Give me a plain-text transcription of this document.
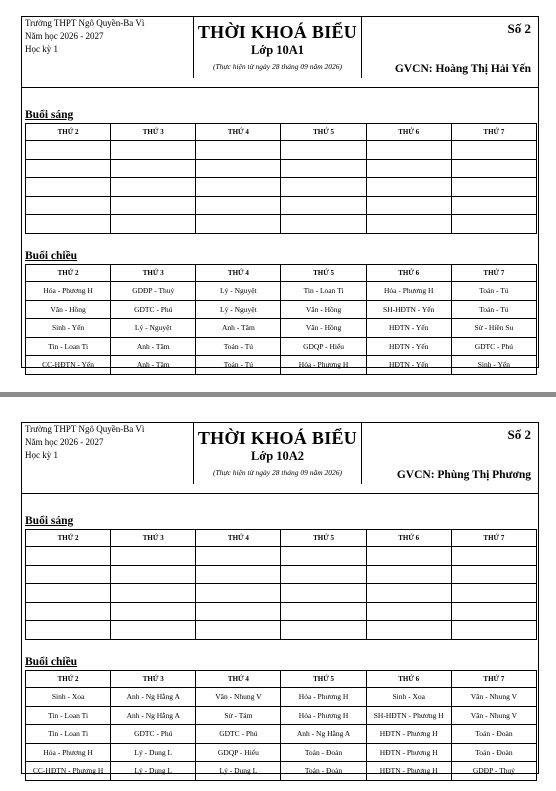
Trường THPT Ngô Quyền-Ba Vì
Năm học 2026 - 2027
Học kỳ 1
THỜI KHOÁ BIỂU
Lớp 10A1
(Thực hiện từ ngày 28 tháng 09 năm 2026)
Số 2
GVCN: Hoàng Thị Hải Yến
Buổi sáng
THỨ 2	THỨ 3	THỨ 4	THỨ 5	THỨ 6	THỨ 7

Buổi chiều
THỨ 2	THỨ 3	THỨ 4	THỨ 5	THỨ 6	THỨ 7
Hóa - Phương H	GDĐP - Thuỷ	Lý - Nguyệt	Tin - Loan Ti	Hóa - Phương H	Toán - Tú
Văn - Hồng	GDTC - Phú	Lý - Nguyệt	Văn - Hồng	SH-HĐTN - Yến	Toán - Tú
Sinh - Yến	Lý - Nguyệt	Anh - Tâm	Văn - Hồng	HĐTN - Yến	Sử - Hiền Su
Tin - Loan Ti	Anh - Tâm	Toán - Tú	GDQP - Hiếu	HĐTN - Yến	GDTC - Phú
CC-HĐTN - Yến	Anh - Tâm	Toán - Tú	Hóa - Phương H	HĐTN - Yến	Sinh - Yến
Trường THPT Ngô Quyền-Ba Vì
Năm học 2026 - 2027
Học kỳ 1
THỜI KHOÁ BIỂU
Lớp 10A2
(Thực hiện từ ngày 28 tháng 09 năm 2026)
Số 2
GVCN: Phùng Thị Phương
Buổi sáng
THỨ 2	THỨ 3	THỨ 4	THỨ 5	THỨ 6	THỨ 7

Buổi chiều
THỨ 2	THỨ 3	THỨ 4	THỨ 5	THỨ 6	THỨ 7
Sinh - Xoa	Anh - Ng Hằng A	Văn - Nhung V	Hóa - Phương H	Sinh - Xoa	Văn - Nhung V
Tin - Loan Ti	Anh - Ng Hằng A	Sử - Tám	Hóa - Phương H	SH-HĐTN - Phương H	Văn - Nhung V
Tin - Loan Ti	GDTC - Phú	GDTC - Phú	Anh - Ng Hằng A	HĐTN - Phương H	Toán - Đoàn
Hóa - Phương H	Lý - Dung L	GDQP - Hiếu	Toán - Đoàn	HĐTN - Phương H	Toán - Đoàn
CC-HĐTN - Phương H	Lý - Dung L	Lý - Dung L	Toán - Đoàn	HĐTN - Phương H	GDĐP - Thuỷ
